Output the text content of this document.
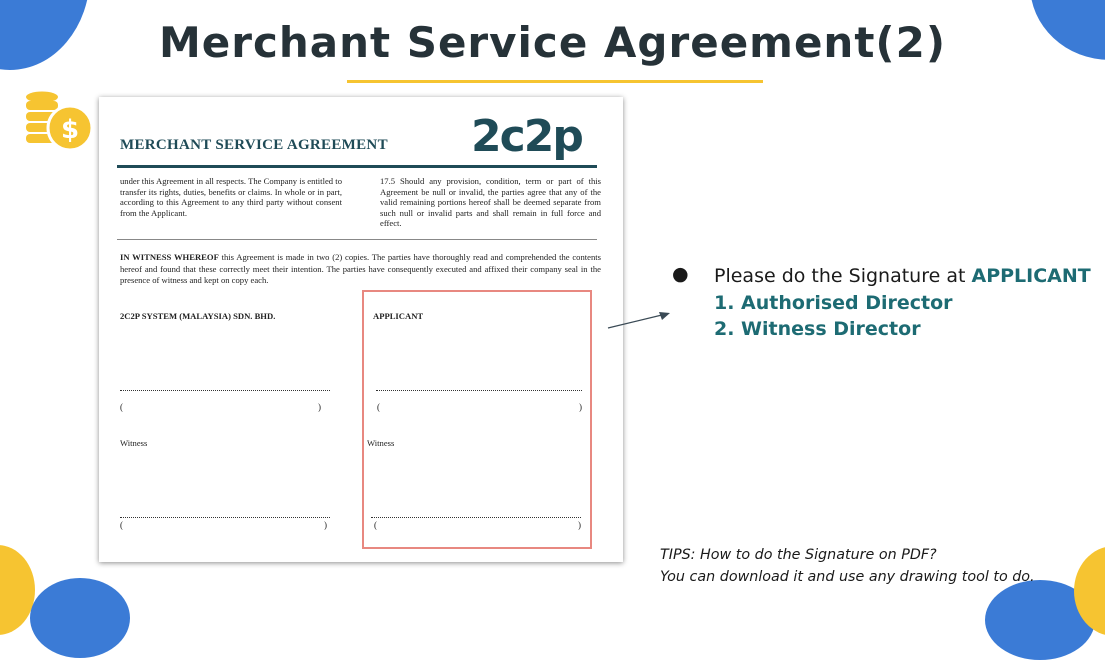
Merchant Service Agreement(2)
$	MERCHANT SERVICE AGREEMENT 2c2p
under this Agreement in all respects. The Company is entitled to transfer its rights, duties, benefits or claims. In whole or in part, according to this Agreement to any third party without consent from the Applicant.
17.5 Should any provision, condition, term or part of this Agreement be null or invalid, the parties agree that any of the valid remaining portions hereof shall be deemed separate from such null or invalid parts and shall remain in full force and effect.
IN WITNESS WHEREOF this Agreement is made in two (2) copies. The parties have thoroughly read and comprehended the contents hereof and found that these correctly meet their intention. The parties have consequently executed and affixed their company seal in the presence of witness and kept on copy each.
2C2P SYSTEM (MALAYSIA) SDN. BHD.	APPLICANT
(	)
Witness
(	)
(	)
Witness
(	)
● Please do the Signature at APPLICANT
1. Authorised Director
2. Witness Director
TIPS: How to do the Signature on PDF?
You can download it and use any drawing tool to do.
